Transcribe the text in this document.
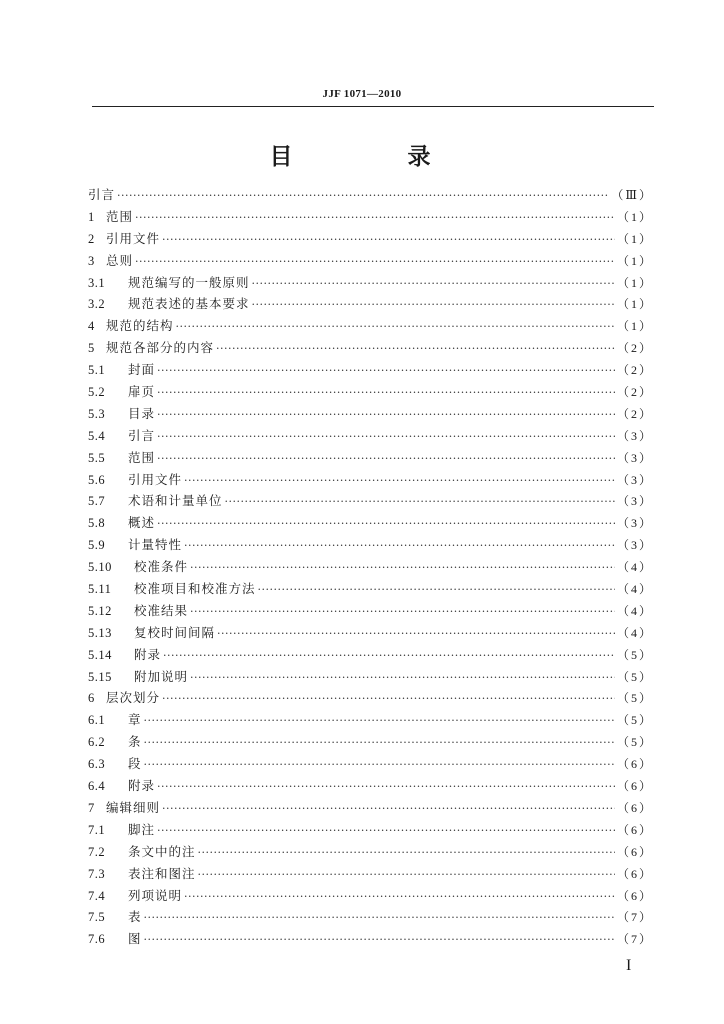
JJF 1071—2010
目　录
引言 ·····	（Ⅲ）
1 范围 ·····	（1）
2 引用文件 ·····	（1）
3 总则 ·····	（1）
3.1	规范编写的一般原则 ·····	（1）
3.2	规范表述的基本要求 ·····	（1）
4 规范的结构 ·····	（1）
5 规范各部分的内容 ·····	（2）
5.1	封面 ·····	（2）
5.2	扉页 ·····	（2）
5.3	目录 ·····	（2）
5.4	引言 ·····	（3）
5.5	范围 ·····	（3）
5.6	引用文件 ·····	（3）
5.7	术语和计量单位 ·····	（3）
5.8	概述 ·····	（3）
5.9	计量特性 ·····	（3）
5.10	校准条件 ·····	（4）
5.11	校准项目和校准方法 ·····	（4）
5.12	校准结果 ·····	（4）
5.13	复校时间间隔 ·····	（4）
5.14	附录 ·····	（5）
5.15	附加说明 ·····	（5）
6 层次划分 ·····	（5）
6.1	章 ·····	（5）
6.2	条 ·····	（5）
6.3	段 ·····	（6）
6.4	附录 ·····	（6）
7 编辑细则 ·····	（6）
7.1	脚注 ·····	（6）
7.2	条文中的注 ·····	（6）
7.3	表注和图注 ·····	（6）
7.4	列项说明 ·····	（6）
7.5	表 ·····	（7）
7.6	图 ·····	（7）
I
